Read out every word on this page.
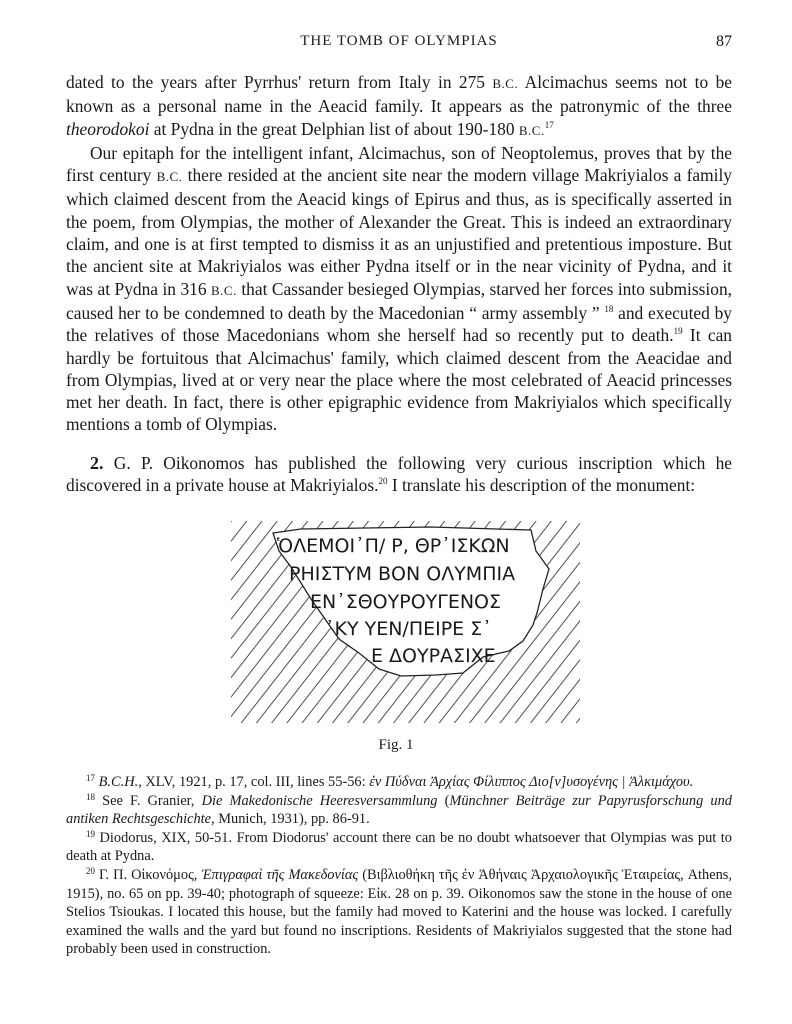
THE TOMB OF OLYMPIAS	87

dated to the years after Pyrrhus' return from Italy in 275 B.C. Alcimachus seems not to be known as a personal name in the Aeacid family. It appears as the patronymic of the three theorodokoi at Pydna in the great Delphian list of about 190-180 B.C.$^{17}$

Our epitaph for the intelligent infant, Alcimachus, son of Neoptolemus, proves that by the first century B.C. there resided at the ancient site near the modern village Makriyialos a family which claimed descent from the Aeacid kings of Epirus and thus, as is specifically asserted in the poem, from Olympias, the mother of Alexander the Great. This is indeed an extraordinary claim, and one is at first tempted to dismiss it as an unjustified and pretentious imposture. But the ancient site at Makriyialos was either Pydna itself or in the near vicinity of Pydna, and it was at Pydna in 316 B.C. that Cassander besieged Olympias, starved her forces into submission, caused her to be condemned to death by the Macedonian “ army assembly ” $^{18}$ and executed by the relatives of those Macedonians whom she herself had so recently put to death.$^{19}$ It can hardly be fortuitous that Alcimachus' family, which claimed descent from the Aeacidae and from Olympias, lived at or very near the place where the most celebrated of Aeacid princesses met her death. In fact, there is other epigraphic evidence from Makriyialos which specifically mentions a tomb of Olympias.

2. G. P. Oikonomos has published the following very curious inscription which he discovered in a private house at Makriyialos.$^{20}$ I translate his description of the monument:

ὉΛΕΜΟΙ᾿Π/ Ρ, ΘΡ᾿ΙΣΚΩΝ
ΡΗΙΣΤΥΜ ΒΟΝ ΟΛΥΜΠΙΑ
ΕΝ᾿ΣΘΟΥΡΟΥΓΕΝΟΣ
᾿ΚΥ ΥΕΝ/ΠΕΙΡΕ Σ᾿
Ε ΔΟΥΡΑΣΙΧΕ
Fig. 1

$^{17}$ B.C.H., XLV, 1921, p. 17, col. III, lines 55-56: ἐν Πύδναι Ἀρχίας Φίλιππος Διο[ν]υσογένης | Ἀλκιμάχου.

$^{18}$ See F. Granier, Die Makedonische Heeresversammlung (Münchner Beiträge zur Papyrusforschung und antiken Rechtsgeschichte, Munich, 1931), pp. 86-91.

$^{19}$ Diodorus, XIX, 50-51. From Diodorus' account there can be no doubt whatsoever that Olympias was put to death at Pydna.

$^{20}$ Γ. Π. Οἰκονόμος, Ἐπιγραφαὶ τῆς Μακεδονίας (Βιβλιοθήκη τῆς ἐν Ἀθήναις Ἀρχαιολογικῆς Ἑταιρείας, Athens, 1915), no. 65 on pp. 39-40; photograph of squeeze: Εἰκ. 28 on p. 39. Oikonomos saw the stone in the house of one Stelios Tsioukas. I located this house, but the family had moved to Katerini and the house was locked. I carefully examined the walls and the yard but found no inscriptions. Residents of Makriyialos suggested that the stone had probably been used in construction.
